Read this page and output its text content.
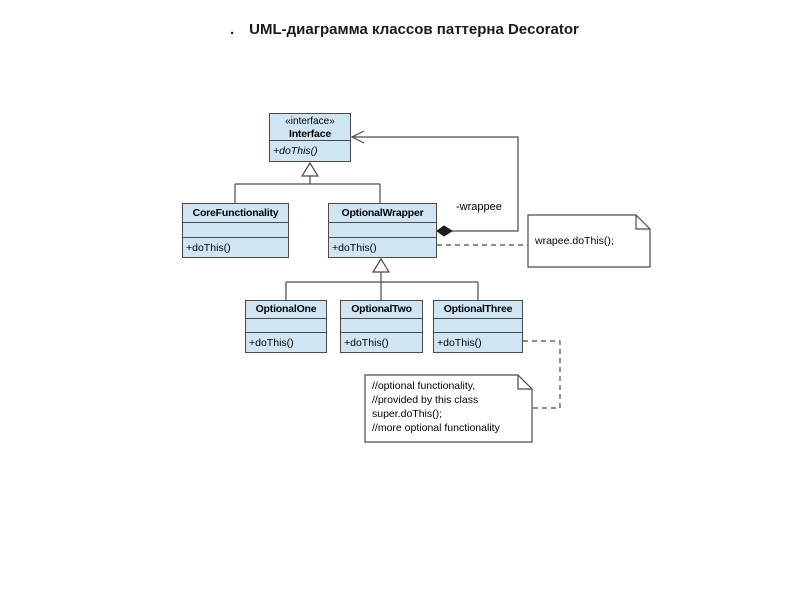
. UML-диаграмма классов паттерна Decorator
«interface»
Interface
+doThis()
CoreFunctionality
+doThis()
OptionalWrapper
+doThis()
-wrappee
OptionalOne
+doThis()
OptionalTwo
+doThis()
OptionalThree
+doThis()
wrapee.doThis();
//optional functionality,
//provided by this class
super.doThis();
//more optional functionality
